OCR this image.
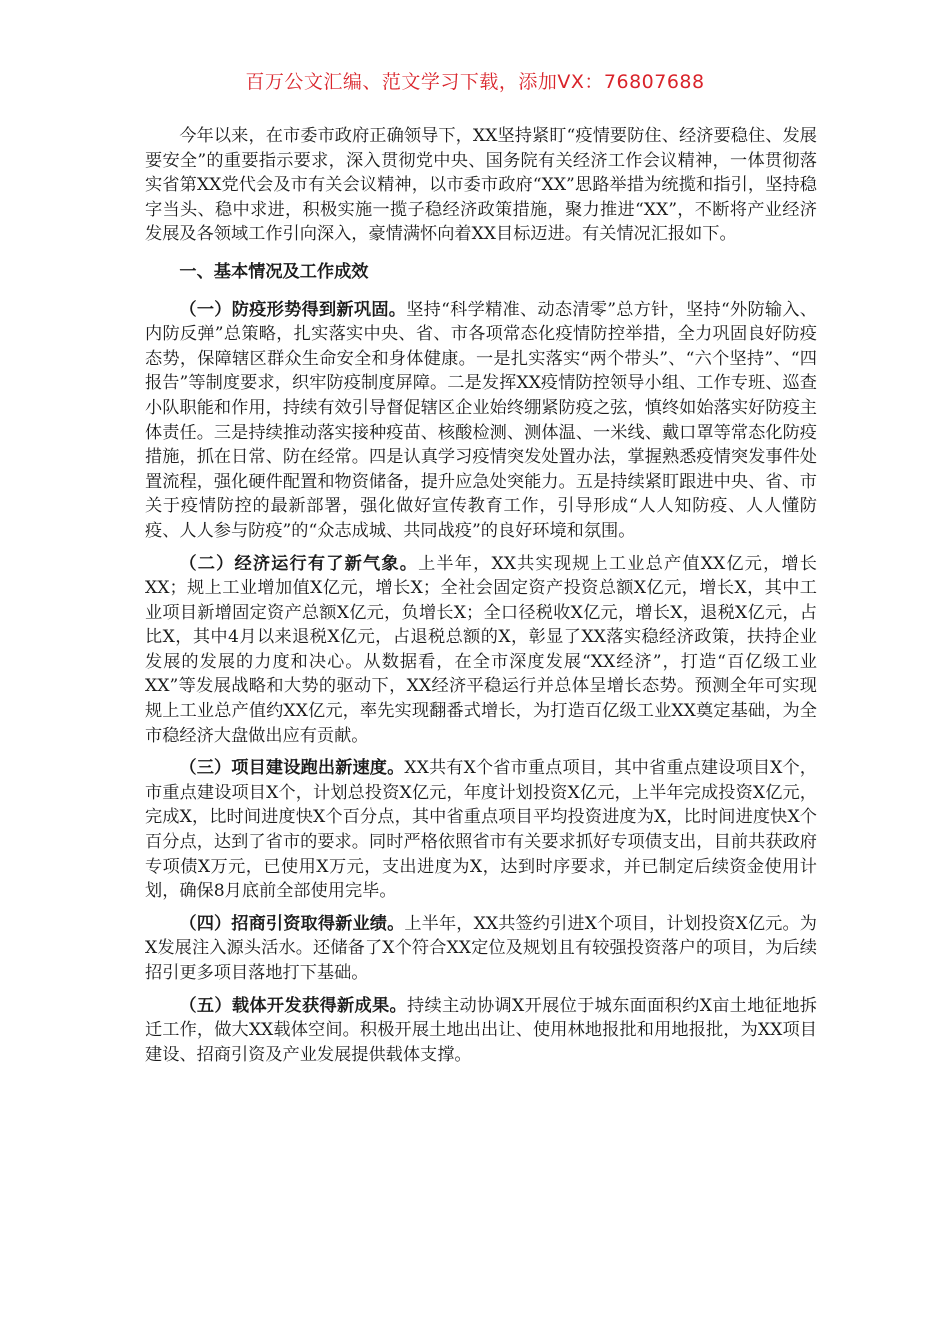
百万公文汇编、范文学习下载，添加VX：76807688

今年以来，在市委市政府正确领导下，XX坚持紧盯“疫情要防住、经济要稳住、发展要安全”的重要指示要求，深入贯彻党中央、国务院有关经济工作会议精神，一体贯彻落实省第XX党代会及市有关会议精神，以市委市政府“XX”思路举措为统揽和指引，坚持稳字当头、稳中求进，积极实施一揽子稳经济政策措施，聚力推进“XX”，不断将产业经济发展及各领域工作引向深入，豪情满怀向着XX目标迈进。有关情况汇报如下。

一、基本情况及工作成效

（一）防疫形势得到新巩固。坚持“科学精准、动态清零”总方针，坚持“外防输入、内防反弹”总策略，扎实落实中央、省、市各项常态化疫情防控举措，全力巩固良好防疫态势，保障辖区群众生命安全和身体健康。一是扎实落实“两个带头”、“六个坚持”、“四报告”等制度要求，织牢防疫制度屏障。二是发挥XX疫情防控领导小组、工作专班、巡查小队职能和作用，持续有效引导督促辖区企业始终绷紧防疫之弦，慎终如始落实好防疫主体责任。三是持续推动落实接种疫苗、核酸检测、测体温、一米线、戴口罩等常态化防疫措施，抓在日常、防在经常。四是认真学习疫情突发处置办法，掌握熟悉疫情突发事件处置流程，强化硬件配置和物资储备，提升应急处突能力。五是持续紧盯跟进中央、省、市关于疫情防控的最新部署，强化做好宣传教育工作，引导形成“人人知防疫、人人懂防疫、人人参与防疫”的“众志成城、共同战疫”的良好环境和氛围。

（二）经济运行有了新气象。上半年，XX共实现规上工业总产值XX亿元，增长XX；规上工业增加值X亿元，增长X；全社会固定资产投资总额X亿元，增长X，其中工业项目新增固定资产总额X亿元，负增长X；全口径税收X亿元，增长X，退税X亿元，占比X，其中4月以来退税X亿元，占退税总额的X，彰显了XX落实稳经济政策，扶持企业发展的发展的力度和决心。从数据看，在全市深度发展“XX经济”，打造“百亿级工业XX”等发展战略和大势的驱动下，XX经济平稳运行并总体呈增长态势。预测全年可实现规上工业总产值约XX亿元，率先实现翻番式增长，为打造百亿级工业XX奠定基础，为全市稳经济大盘做出应有贡献。

（三）项目建设跑出新速度。XX共有X个省市重点项目，其中省重点建设项目X个，市重点建设项目X个，计划总投资X亿元，年度计划投资X亿元，上半年完成投资X亿元，完成X，比时间进度快X个百分点，其中省重点项目平均投资进度为X，比时间进度快X个百分点，达到了省市的要求。同时严格依照省市有关要求抓好专项债支出，目前共获政府专项债X万元，已使用X万元，支出进度为X，达到时序要求，并已制定后续资金使用计划，确保8月底前全部使用完毕。

（四）招商引资取得新业绩。上半年，XX共签约引进X个项目，计划投资X亿元。为X发展注入源头活水。还储备了X个符合XX定位及规划且有较强投资落户的项目，为后续招引更多项目落地打下基础。

（五）载体开发获得新成果。持续主动协调X开展位于城东面面积约X亩土地征地拆迁工作，做大XX载体空间。积极开展土地出出让、使用林地报批和用地报批，为XX项目建设、招商引资及产业发展提供载体支撑。
